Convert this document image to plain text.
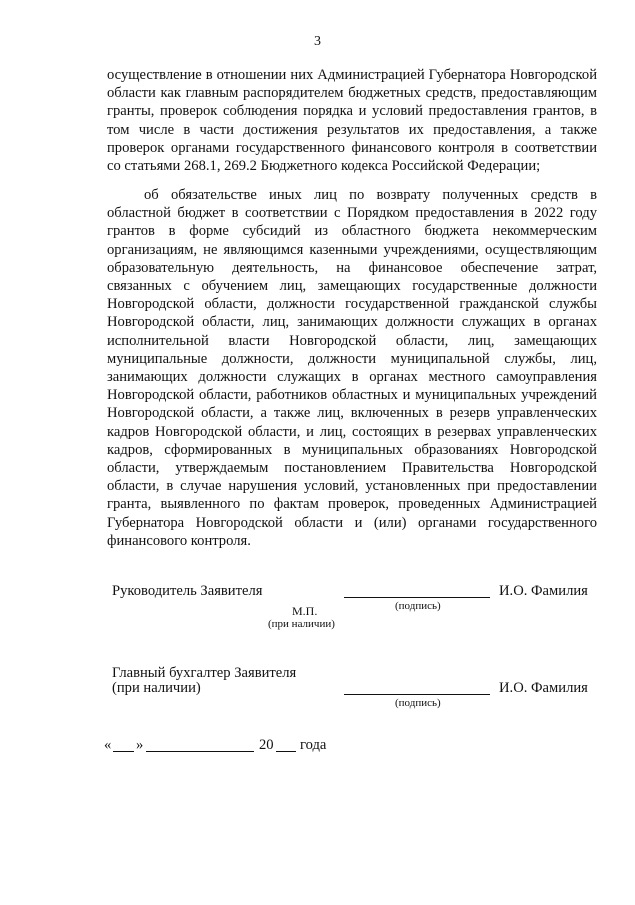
3
осуществление в отношении них Администрацией Губернатора Новгородской
области как главным распорядителем бюджетных средств, предоставляющим
гранты, проверок соблюдения порядка и условий предоставления грантов, в
том числе в части достижения результатов их предоставления, а также
проверок органами государственного финансового контроля в соответствии
со статьями 268.1, 269.2 Бюджетного кодекса Российской Федерации;
об обязательстве иных лиц по возврату полученных средств в
областной бюджет в соответствии с Порядком предоставления в 2022 году
грантов в форме субсидий из областного бюджета некоммерческим
организациям, не являющимся казенными учреждениями, осуществляющим
образовательную деятельность, на финансовое обеспечение затрат,
связанных с обучением лиц, замещающих государственные должности
Новгородской области, должности государственной гражданской службы
Новгородской области, лиц, занимающих должности служащих в органах
исполнительной власти Новгородской области, лиц, замещающих
муниципальные должности, должности муниципальной службы, лиц,
занимающих должности служащих в органах местного самоуправления
Новгородской области, работников областных и муниципальных учреждений
Новгородской области, а также лиц, включенных в резерв управленческих
кадров Новгородской области, и лиц, состоящих в резервах управленческих
кадров, сформированных в муниципальных образованиях Новгородской
области, утверждаемым постановлением Правительства Новгородской
области, в случае нарушения условий, установленных при предоставлении
гранта, выявленного по фактам проверок, проведенных Администрацией
Губернатора Новгородской области и (или) органами государственного
финансового контроля.
Руководитель Заявителя	И.О. Фамилия
(подпись)
М.П.
(при наличии)
Главный бухгалтер Заявителя
(при наличии)	И.О. Фамилия
(подпись)
« »	20 года
